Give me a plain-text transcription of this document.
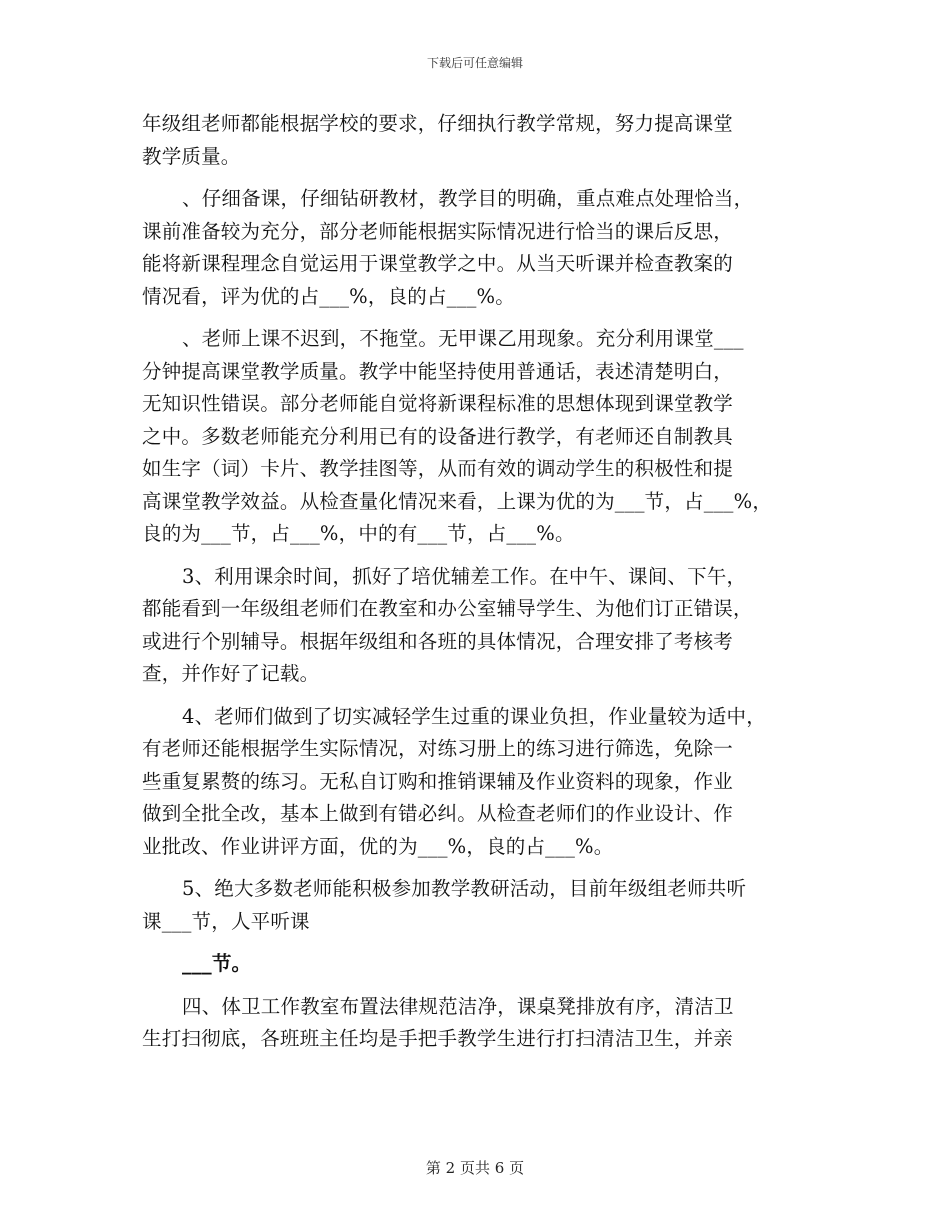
下载后可任意编辑
年级组老师都能根据学校的要求，仔细执行教学常规，努力提高课堂
教学质量。
、仔细备课，仔细钻研教材，教学目的明确，重点难点处理恰当，
课前准备较为充分，部分老师能根据实际情况进行恰当的课后反思，
能将新课程理念自觉运用于课堂教学之中。从当天听课并检查教案的
情况看，评为优的占___%，良的占___%。
、老师上课不迟到，不拖堂。无甲课乙用现象。充分利用课堂___
分钟提高课堂教学质量。教学中能坚持使用普通话，表述清楚明白，
无知识性错误。部分老师能自觉将新课程标准的思想体现到课堂教学
之中。多数老师能充分利用已有的设备进行教学，有老师还自制教具
如生字（词）卡片、教学挂图等，从而有效的调动学生的积极性和提
高课堂教学效益。从检查量化情况来看，上课为优的为___节，占___%，
良的为___节，占___%，中的有___节，占___%。
3、利用课余时间，抓好了培优辅差工作。在中午、课间、下午，
都能看到一年级组老师们在教室和办公室辅导学生、为他们订正错误，
或进行个别辅导。根据年级组和各班的具体情况，合理安排了考核考
查，并作好了记载。
4、老师们做到了切实减轻学生过重的课业负担，作业量较为适中，
有老师还能根据学生实际情况，对练习册上的练习进行筛选，免除一
些重复累赘的练习。无私自订购和推销课辅及作业资料的现象，作业
做到全批全改，基本上做到有错必纠。从检查老师们的作业设计、作
业批改、作业讲评方面，优的为___%，良的占___%。
5、绝大多数老师能积极参加教学教研活动，目前年级组老师共听
课___节，人平听课
___节。
四、体卫工作教室布置法律规范洁净，课桌凳排放有序，清洁卫
生打扫彻底，各班班主任均是手把手教学生进行打扫清洁卫生，并亲
第 2 页共 6 页
